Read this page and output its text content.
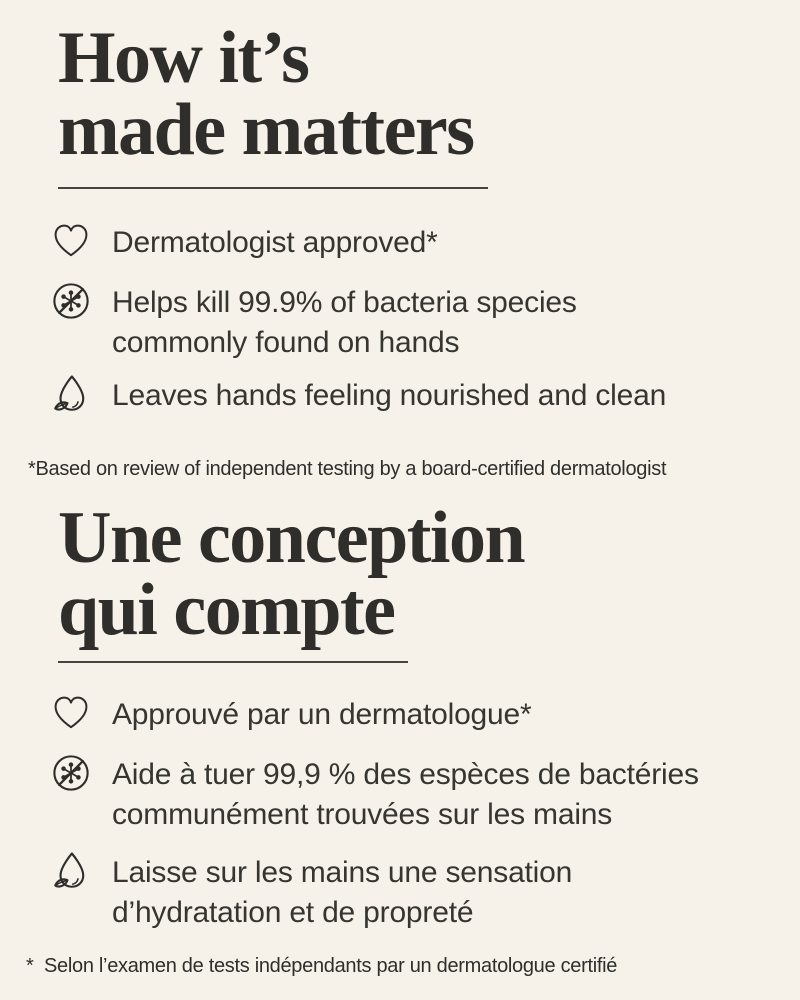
How it’s
made matters
Dermatologist approved*
Helps kill 99.9% of bacteria species
commonly found on hands
Leaves hands feeling nourished and clean
*Based on review of independent testing by a board-certified dermatologist
Une conception
qui compte
Approuvé par un dermatologue*
Aide à tuer 99,9 % des espèces de bactéries
communément trouvées sur les mains
Laisse sur les mains une sensation
d’hydratation et de propreté
*  Selon l’examen de tests indépendants par un dermatologue certifié
